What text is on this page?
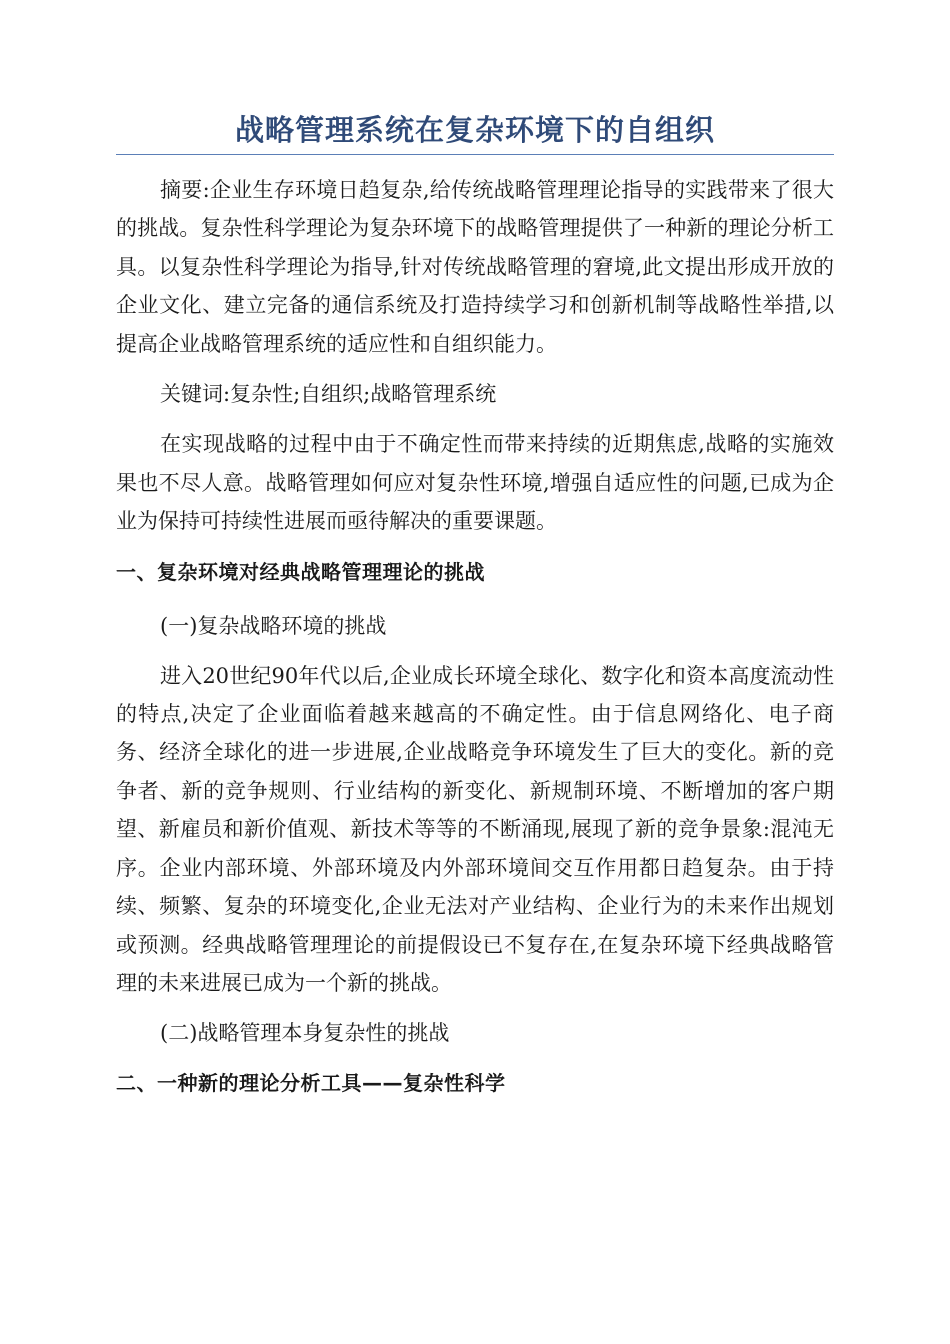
战略管理系统在复杂环境下的自组织

摘要:企业生存环境日趋复杂,给传统战略管理理论指导的实践带来了很大的挑战。复杂性科学理论为复杂环境下的战略管理提供了一种新的理论分析工具。以复杂性科学理论为指导,针对传统战略管理的窘境,此文提出形成开放的企业文化、建立完备的通信系统及打造持续学习和创新机制等战略性举措,以提高企业战略管理系统的适应性和自组织能力。

关键词:复杂性;自组织;战略管理系统

在实现战略的过程中由于不确定性而带来持续的近期焦虑,战略的实施效果也不尽人意。战略管理如何应对复杂性环境,增强自适应性的问题,已成为企业为保持可持续性进展而亟待解决的重要课题。

一、复杂环境对经典战略管理理论的挑战

(一)复杂战略环境的挑战

进入20世纪90年代以后,企业成长环境全球化、数字化和资本高度流动性的特点,决定了企业面临着越来越高的不确定性。由于信息网络化、电子商务、经济全球化的进一步进展,企业战略竞争环境发生了巨大的变化。新的竞争者、新的竞争规则、行业结构的新变化、新规制环境、不断增加的客户期望、新雇员和新价值观、新技术等等的不断涌现,展现了新的竞争景象:混沌无序。企业内部环境、外部环境及内外部环境间交互作用都日趋复杂。由于持续、频繁、复杂的环境变化,企业无法对产业结构、企业行为的未来作出规划或预测。经典战略管理理论的前提假设已不复存在,在复杂环境下经典战略管理的未来进展已成为一个新的挑战。

(二)战略管理本身复杂性的挑战

二、一种新的理论分析工具——复杂性科学
